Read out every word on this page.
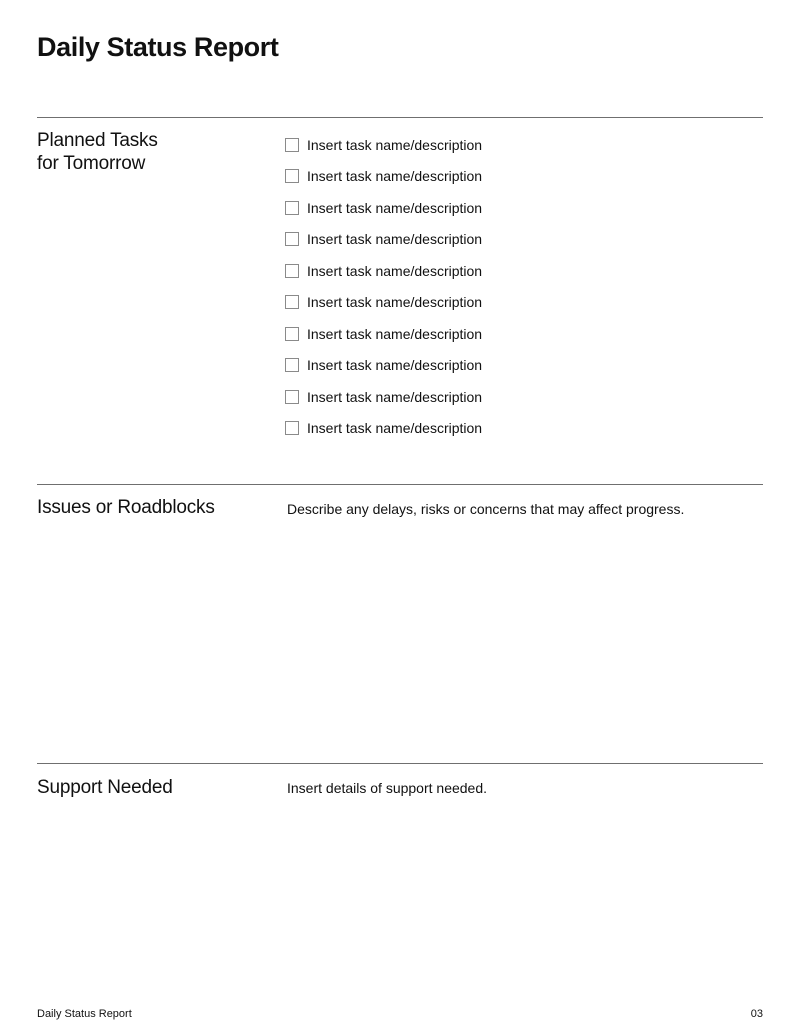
Daily Status Report
Planned Tasks
for Tomorrow
Insert task name/description
Insert task name/description
Insert task name/description
Insert task name/description
Insert task name/description
Insert task name/description
Insert task name/description
Insert task name/description
Insert task name/description
Insert task name/description
Issues or Roadblocks	Describe any delays, risks or concerns that may affect progress.

Support Needed	Insert details of support needed.

Daily Status Report	03
